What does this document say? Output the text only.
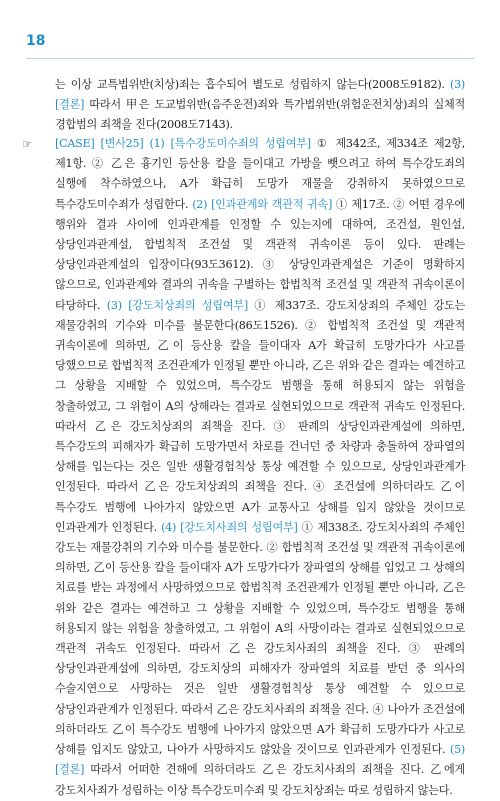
18
는 이상 교특법위반(치상)죄는 흡수되어 별도로 성립하지 않는다(2008도9182). (3) [결론] 따라서 甲은 도교법위반(음주운전)죄와 특가법위반(위험운전치상)죄의 실체적 경합범의 죄책을 진다(2008도7143).
☞ [CASE] [변사25] (1) [특수강도미수죄의 성립여부] ① 제342조, 제334조 제2항, 제1항. ② 乙은 흉기인 등산용 칼을 들이대고 가방을 뺏으려고 하여 특수강도죄의 실행에 착수하였으나, A가 확급히 도망가 재물을 강취하지 못하였으므로 특수강도미수죄가 성립한다. (2) [인과관계와 객관적 귀속] ① 제17조. ② 어떤 경우에 행위와 결과 사이에 인과관계를 인정할 수 있는지에 대하여, 조건설, 원인설, 상당인과관계설, 합법칙적 조건설 및 객관적 귀속이론 등이 있다. 판례는 상당인과관계설의 입장이다(93도3612). ③ 상당인과관계설은 기준이 명확하지 않으므로, 인과관계와 결과의 귀속을 구별하는 합법칙적 조건설 및 객관적 귀속이론이 타당하다. (3) [강도치상죄의 성립여부] ① 제337조. 강도치상죄의 주체인 강도는 재물강취의 기수와 미수를 불문한다(86도1526). ② 합법칙적 조건설 및 객관적 귀속이론에 의하면, 乙이 등산용 칼을 들이대자 A가 확급히 도망가다가 사고를 당했으므로 합법칙적 조건관계가 인정될 뿐만 아니라, 乙은 위와 같은 결과는 예견하고 그 상황을 지배할 수 있었으며, 특수강도 범행을 통해 허용되지 않는 위험을 창출하였고, 그 위험이 A의 상해라는 결과로 실현되었으므로 객관적 귀속도 인정된다. 따라서 乙은 강도치상죄의 죄책을 진다. ③ 판례의 상당인과관계설에 의하면, 특수강도의 피해자가 확급히 도망가면서 차로를 건너던 중 차량과 충돌하여 장파열의 상해를 입는다는 것은 일반 생활경험칙상 통상 예견할 수 있으므로, 상당인과관계가 인정된다. 따라서 乙은 강도치상죄의 죄책을 진다. ④ 조건설에 의하더라도 乙이 특수강도 범행에 나아가지 않았으면 A가 교통사고 상해를 입지 않았을 것이므로 인과관계가 인정된다. (4) [강도치사죄의 성립여부] ① 제338조. 강도치사죄의 주체인 강도는 재물강취의 기수와 미수를 불문한다. ② 합법칙적 조건설 및 객관적 귀속이론에 의하면, 乙이 등산용 칼을 들이대자 A가 도망가다가 장파열의 상해를 입었고 그 상해의 치료를 받는 과정에서 사망하였으므로 합법칙적 조건관계가 인정될 뿐만 아니라, 乙은 위와 같은 결과는 예견하고 그 상황을 지배할 수 있었으며, 특수강도 범행을 통해 허용되지 않는 위험을 창출하였고, 그 위험이 A의 사망이라는 결과로 실현되었으므로 객관적 귀속도 인정된다. 따라서 乙은 강도치사죄의 죄책을 진다. ③ 판례의 상당인과관계설에 의하면, 강도치상의 피해자가 장파열의 치료를 받던 중 의사의 수술지연으로 사망하는 것은 일반 생활경험칙상 통상 예견할 수 있으므로 상당인과관계가 인정된다. 따라서 乙은 강도치사죄의 죄책을 진다. ④ 나아가 조건설에 의하더라도 乙이 특수강도 범행에 나아가지 않았으면 A가 확급히 도망가다가 사고로 상해를 입지도 않았고, 나아가 사망하지도 않았을 것이므로 인과관계가 인정된다. (5) [결론] 따라서 어떠한 견해에 의하더라도 乙은 강도치사죄의 죄책을 진다. 乙에게 강도치사죄가 성립하는 이상 특수강도미수죄 및 강도치상죄는 따로 성립하지 않는다.
